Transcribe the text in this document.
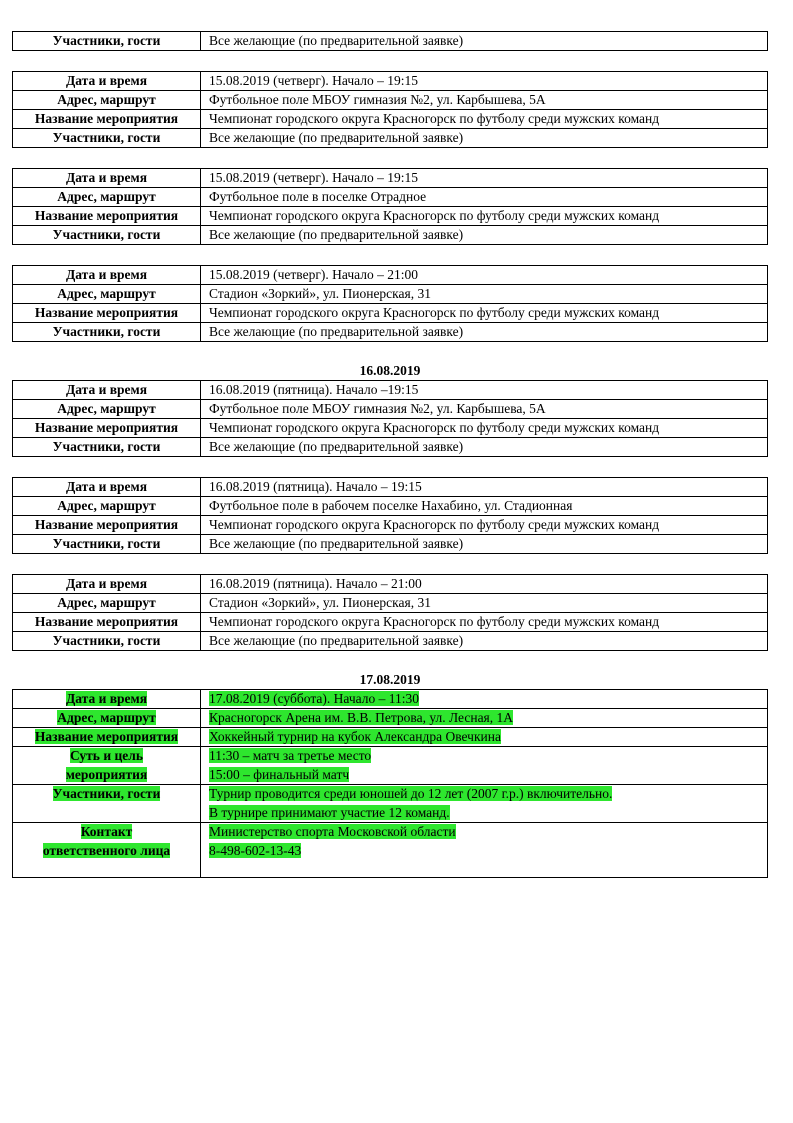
Участники, гости	Все желающие (по предварительной заявке)
Дата и время	15.08.2019 (четверг). Начало – 19:15
Адрес, маршрут	Футбольное поле МБОУ гимназия №2, ул. Карбышева, 5А
Название мероприятия	Чемпионат городского округа Красногорск по футболу среди мужских команд
Участники, гости	Все желающие (по предварительной заявке)
Дата и время	15.08.2019 (четверг). Начало – 19:15
Адрес, маршрут	Футбольное поле в поселке Отрадное
Название мероприятия	Чемпионат городского округа Красногорск по футболу среди мужских команд
Участники, гости	Все желающие (по предварительной заявке)
Дата и время	15.08.2019 (четверг). Начало – 21:00
Адрес, маршрут	Стадион «Зоркий», ул. Пионерская, 31
Название мероприятия	Чемпионат городского округа Красногорск по футболу среди мужских команд
Участники, гости	Все желающие (по предварительной заявке)
16.08.2019
Дата и время	16.08.2019 (пятница). Начало –19:15
Адрес, маршрут	Футбольное поле МБОУ гимназия №2, ул. Карбышева, 5А
Название мероприятия	Чемпионат городского округа Красногорск по футболу среди мужских команд
Участники, гости	Все желающие (по предварительной заявке)
Дата и время	16.08.2019 (пятница). Начало – 19:15
Адрес, маршрут	Футбольное поле в рабочем поселке Нахабино, ул. Стадионная
Название мероприятия	Чемпионат городского округа Красногорск по футболу среди мужских команд
Участники, гости	Все желающие (по предварительной заявке)
Дата и время	16.08.2019 (пятница). Начало – 21:00
Адрес, маршрут	Стадион «Зоркий», ул. Пионерская, 31
Название мероприятия	Чемпионат городского округа Красногорск по футболу среди мужских команд
Участники, гости	Все желающие (по предварительной заявке)
17.08.2019
Дата и время	17.08.2019 (суббота). Начало – 11:30
Адрес, маршрут	Красногорск Арена им. В.В. Петрова, ул. Лесная, 1А
Название мероприятия	Хоккейный турнир на кубок Александра Овечкина

Суть и цель
мероприятия	11:30 – матч за третье место
15:00 – финальный матч

Участники, гости	Турнир проводится среди юношей до 12 лет (2007 г.р.) включительно.
В турнире принимают участие 12 команд.

Контакт
ответственного лица	Министерство спорта Московской области
8-498-602-13-43
